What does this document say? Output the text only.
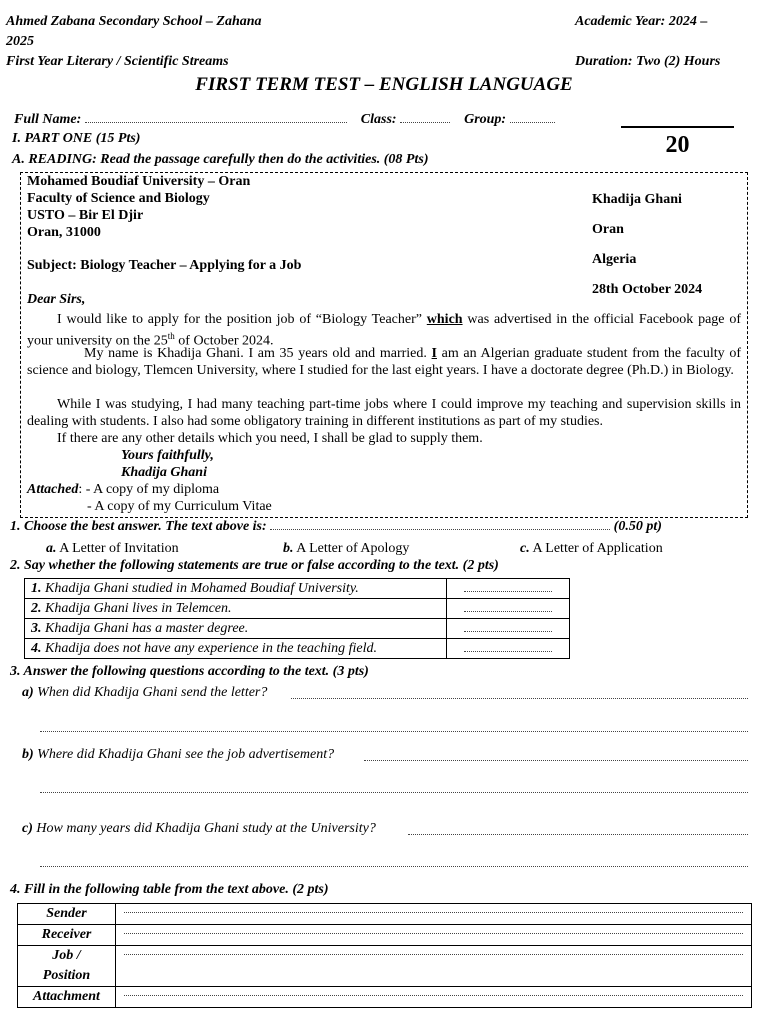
Ahmed Zabana Secondary School – Zahana
2025
First Year Literary / Scientific Streams
Academic Year: 2024 –
Duration: Two (2) Hours
FIRST TERM TEST – ENGLISH LANGUAGE
Full Name:	Class:	Group:
20
I. PART ONE (15 Pts)
A. READING: Read the passage carefully then do the activities. (08 Pts)
Mohamed Boudiaf University – Oran
Faculty of Science and Biology
USTO – Bir El Djir
Oran, 31000
Khadija Ghani
Oran
Algeria
28th October 2024
Subject: Biology Teacher – Applying for a Job
Dear Sirs,
I would like to apply for the position job of “Biology Teacher” which was advertised in the official Facebook page of your university on the 25th of October 2024.
My name is Khadija Ghani. I am 35 years old and married. I am an Algerian graduate student from the faculty of science and biology, Tlemcen University, where I studied for the last eight years. I have a doctorate degree (Ph.D.) in Biology.
While I was studying, I had many teaching part-time jobs where I could improve my teaching and supervision skills in dealing with students. I also had some obligatory training in different institutions as part of my studies.
If there are any other details which you need, I shall be glad to supply them.
Yours faithfully,
Khadija Ghani
Attached: - A copy of my diploma
- A copy of my Curriculum Vitae
1. Choose the best answer. The text above is:	(0.50 pt)
a. A Letter of Invitation	b. A Letter of Apology	c. A Letter of Application
2. Say whether the following statements are true or false according to the text. (2 pts)
1. Khadija Ghani studied in Mohamed Boudiaf University.	
2. Khadija Ghani lives in Telemcen.	
3. Khadija Ghani has a master degree.	
4. Khadija does not have any experience in the teaching field.	
3. Answer the following questions according to the text. (3 pts)
a) When did Khadija Ghani send the letter?
b) Where did Khadija Ghani see the job advertisement?
c) How many years did Khadija Ghani study at the University?
4. Fill in the following table from the text above. (2 pts)
Sender	

Receiver	

Job /
Position	

Attachment	
